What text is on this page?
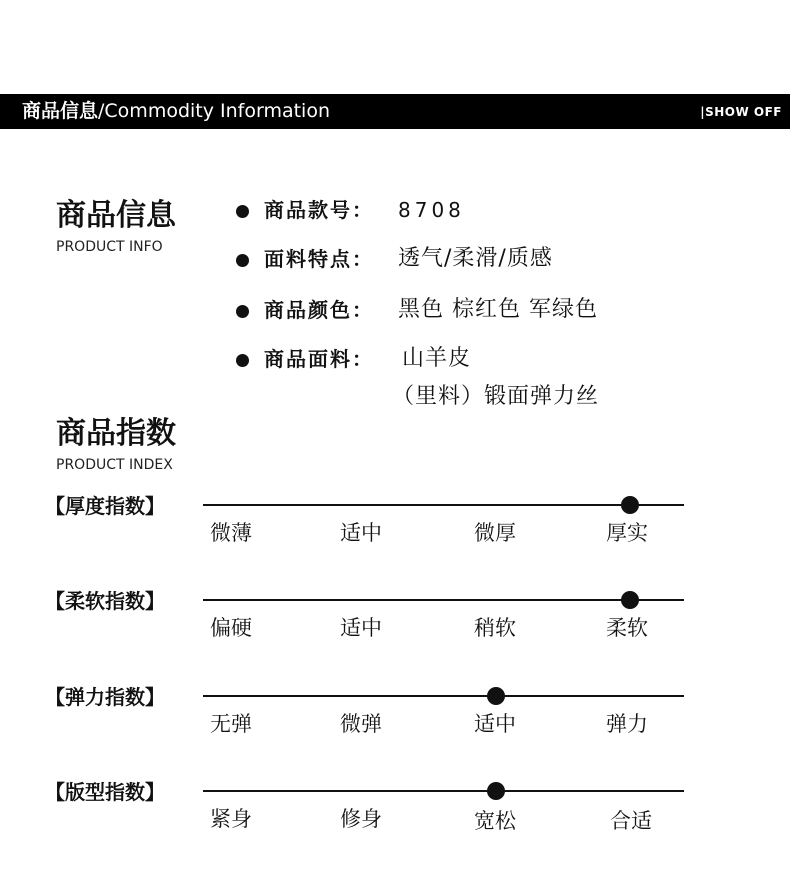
商品信息/Commodity Information	|SHOW OFF
商品信息
PRODUCT INFO
商品款号： 8708
面料特点： 透气/柔滑/质感
商品颜色： 黑色 棕红色 军绿色
商品面料： 山羊皮
（里料）锻面弹力丝
商品指数
PRODUCT INDEX
【厚度指数】
微薄	适中	微厚	厚实
【柔软指数】
偏硬	适中	稍软	柔软
【弹力指数】
无弹	微弹	适中	弹力
【版型指数】
紧身	修身	宽松	合适
